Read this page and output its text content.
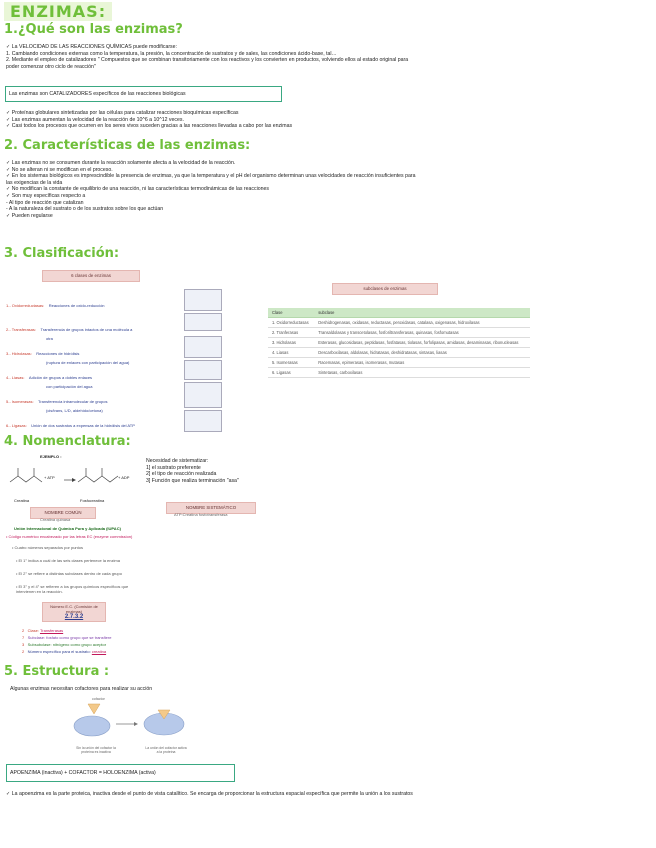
ENZIMAS:
1.¿Qué son las enzimas?
✓ La VELOCIDAD DE LAS REACCIONES QUÍMICAS puede modificarse:
1. Cambiando condiciones externas como la temperatura, la presión, la concentración de sustratos y de sales, las condiciones ácido-base, tal…
2. Mediante el empleo de catalizadores " Compuestos que se combinan transitoriamente con los reactivos y los convierten en productos, volviendo ellos al estado original para
poder comenzar otro ciclo de reacción"
Las enzimas son CATALIZADORES específicos de las reacciones biológicas
✓ Proteínas globulares sintetizadas por las células para catalizar reacciones bioquímicas específicas
✓ Las enzimas aumentan la velocidad de la reacción de 10^6 a 10^12 veces.
✓ Casi todos los procesos que ocurren en los seres vivos suceden gracias a las reacciones llevadas a cabo por las enzimas
2. Características de las enzimas:
✓ Las enzimas no se consumen durante la reacción solamente afecta a la velocidad de la reacción.
✓ No se alteran ni se modifican en el proceso.
✓ En los sistemas biológicos es imprescindible la presencia de enzimas, ya que la temperatura y el pH del organismo determinan unas velocidades de reacción insuficientes para
las exigencias de la vida
✓ No modifican la constante de equilibrio de una reacción, ni las características termodinámicas de las reacciones
✓ Son muy específicas respecto a
- Al tipo de reacción que catalizan
- A la naturaleza del sustrato o de los sustratos sobre los que actúan
✓ Pueden regularse
3. Clasificación:
6 clases de enzimas
1.- Oxidorreductasas: Reacciones de oxido-reducción
2.- Transferasas: Transferencia de grupos intactos de una molécula a
otra
3.- Hidrolasas: Reacciones de hidrólisis
(ruptura de enlaces con participación del agua)
4.- Liasas: Adición de grupos a dobles enlaces
con participación del agua
5.- Isomerasas: Transferencia intramolecular de grupos
(cis/trans, L/D, aldehído/cetona)
6.- Ligasas: Unión de dos sustratos a expensas de la hidrólisis del ATP
subclases de enzimas
Clase	subclase
1. Oxidorreductasas	Deshidrogenasas, oxidasas, reductasas, peroxidasas, catalasa, oxigenasas, hidroxilasas
2. Tranferasas	Transaldolasas y transcetolasas, fosforiltransferasas, quinasas, fosfomutasas
3. Hidrolasas	Esterasas, glucosidasas, peptidasas, fosfatasas, tiolasas, forfolipasas, amidasas, desaminasas, ribonucleasas
4. Liasas	Descarboxilasas, aldolasas, hidratasas, deshidratasas, sintasas, liasas
5. Isomerasas	Racemasas, epimerasas, isomerasas, mutasas
6. Ligasas	Sintetasas, carboxilasas
4. Nomenclatura:
EJEMPLO :
+ ATP	+ ADP
Creatina	Fosfocreatina
NOMBRE COMÚN
Creatina quinasa
Necesidad de sistematizar:
1] el sustrato preferente
2] el tipo de reacción realizada
3] Función que realiza terminación "asa"
NOMBRE SISTEMÁTICO
ATP:Creatina fosfotransferasa
Unión Internacional de Química Pura y Aplicada (IUPAC)
• Código numérico encabezado por las letras EC (enzyme commission)
• Cuatro números separados por puntos
• El 1° indica a cuál de las seis clases pertenece la enzima
• El 2° se refiere a distintas subclases dentro de cada grupo
• El 3° y el 4° se refieren a los grupos químicos específicos que
intervienen en la reacción.
Número E.C. (Comisión de enzimas)
2.7.3.2
2 Clase: Transferasas
7 Subclase: fosfato como grupo que se transfiere
3 Subsubclase: nitrógeno como grupo aceptor
2 Número específico para el sustrato: creatina
5. Estructura :
Algunas enzimas necesitan cofactores para realizar su acción
cofactor
Sin la unión del cofactor la proteína es inactiva
La unión del cofactor activa a la proteína
APOENZIMA (inactiva) + COFACTOR = HOLOENZIMA (activa)
✓ La apoenzima es la parte proteica, inactiva desde el punto de vista catalítico. Se encarga de proporcionar la estructura espacial específica que permite la unión a los sustratos
